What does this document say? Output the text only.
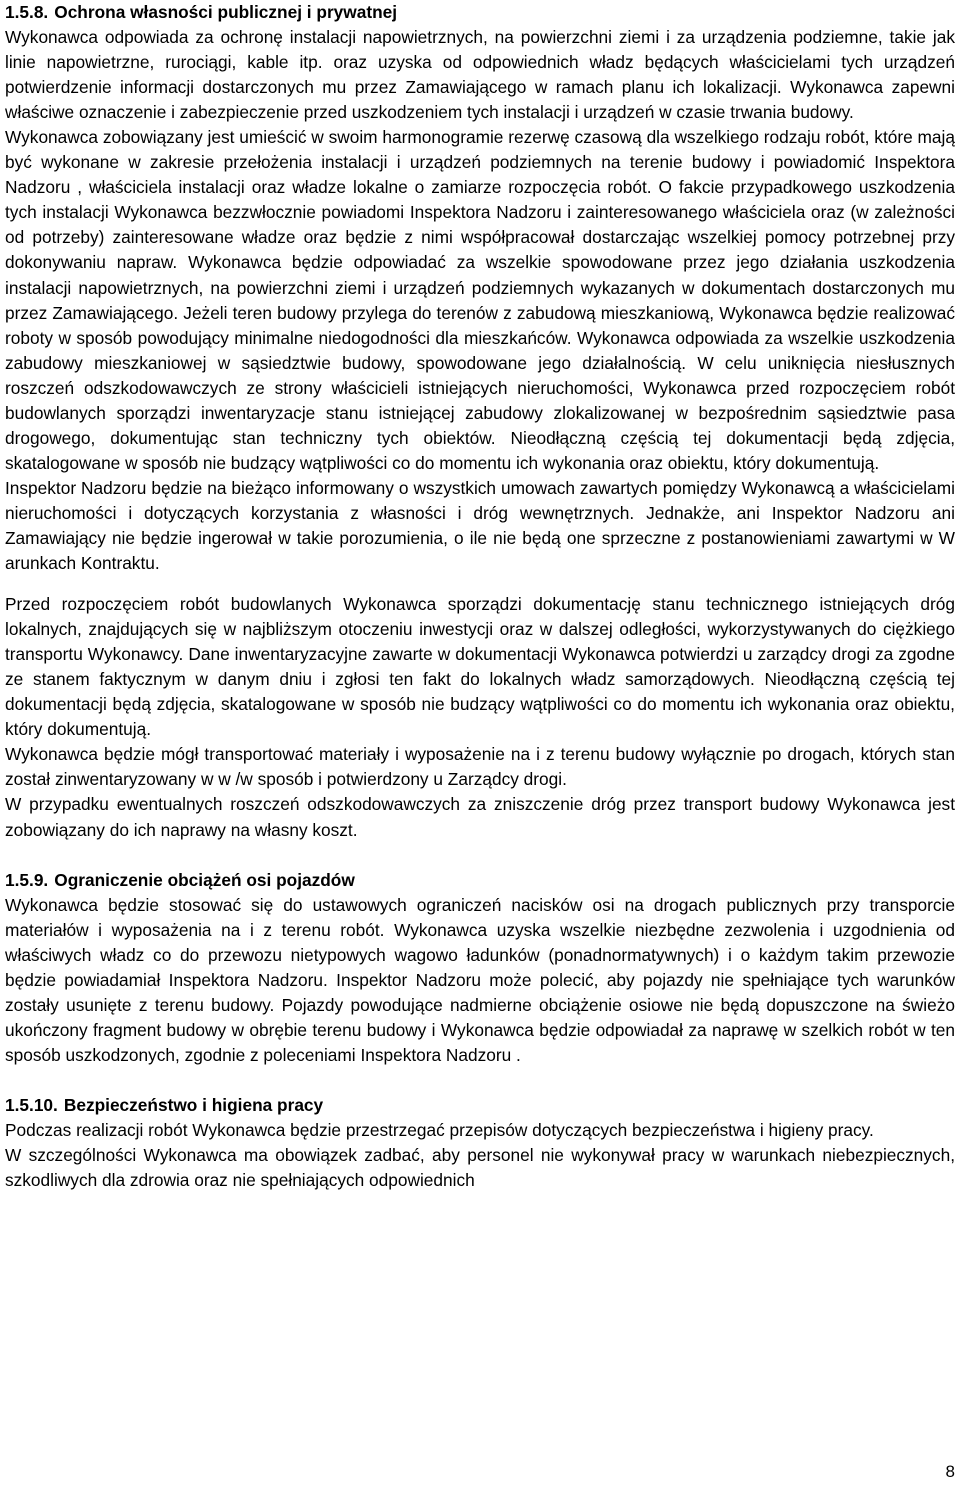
1.5.8. Ochrona własności publicznej i prywatnej

Wykonawca odpowiada za ochronę instalacji napowietrznych, na powierzchni ziemi i za urządzenia podziemne, takie jak linie napowietrzne, rurociągi, kable itp. oraz uzyska od odpowiednich władz będących właścicielami tych urządzeń potwierdzenie informacji dostarczonych mu przez Zamawiającego w ramach planu ich lokalizacji. Wykonawca zapewni właściwe oznaczenie i zabezpieczenie przed uszkodzeniem tych instalacji i urządzeń w czasie trwania budowy.

Wykonawca zobowiązany jest umieścić w swoim harmonogramie rezerwę czasową dla wszelkiego rodzaju robót, które mają być wykonane w zakresie przełożenia instalacji i urządzeń podziemnych na terenie budowy i powiadomić Inspektora Nadzoru , właściciela instalacji oraz władze lokalne o zamiarze rozpoczęcia robót. O fakcie przypadkowego uszkodzenia tych instalacji Wykonawca bezzwłocznie powiadomi Inspektora Nadzoru i zainteresowanego właściciela oraz (w zależności od potrzeby) zainteresowane władze oraz będzie z nimi współpracował dostarczając wszelkiej pomocy potrzebnej przy dokonywaniu napraw. Wykonawca będzie odpowiadać za wszelkie spowodowane przez jego działania uszkodzenia instalacji napowietrznych, na powierzchni ziemi i urządzeń podziemnych wykazanych w dokumentach dostarczonych mu przez Zamawiającego. Jeżeli teren budowy przylega do terenów z zabudową mieszkaniową, Wykonawca będzie realizować roboty w sposób powodujący minimalne niedogodności dla mieszkańców. Wykonawca odpowiada za wszelkie uszkodzenia zabudowy mieszkaniowej w sąsiedztwie budowy, spowodowane jego działalnością. W celu uniknięcia niesłusznych roszczeń odszkodowawczych ze strony właścicieli istniejących nieruchomości, Wykonawca przed rozpoczęciem robót budowlanych sporządzi inwentaryzacje stanu istniejącej zabudowy zlokalizowanej w bezpośrednim sąsiedztwie pasa drogowego, dokumentując stan techniczny tych obiektów. Nieodłączną częścią tej dokumentacji będą zdjęcia, skatalogowane w sposób nie budzący wątpliwości co do momentu ich wykonania oraz obiektu, który dokumentują.

Inspektor Nadzoru będzie na bieżąco informowany o wszystkich umowach zawartych pomiędzy Wykonawcą a właścicielami nieruchomości i dotyczących korzystania z własności i dróg wewnętrznych. Jednakże, ani Inspektor Nadzoru ani Zamawiający nie będzie ingerował w takie porozumienia, o ile nie będą one sprzeczne z postanowieniami zawartymi w W arunkach Kontraktu.

Przed rozpoczęciem robót budowlanych Wykonawca sporządzi dokumentację stanu technicznego istniejących dróg lokalnych, znajdujących się w najbliższym otoczeniu inwestycji oraz w dalszej odległości, wykorzystywanych do ciężkiego transportu Wykonawcy. Dane inwentaryzacyjne zawarte w dokumentacji Wykonawca potwierdzi u zarządcy drogi za zgodne ze stanem faktycznym w danym dniu i zgłosi ten fakt do lokalnych władz samorządowych. Nieodłączną częścią tej dokumentacji będą zdjęcia, skatalogowane w sposób nie budzący wątpliwości co do momentu ich wykonania oraz obiektu, który dokumentują.

Wykonawca będzie mógł transportować materiały i wyposażenie na i z terenu budowy wyłącznie po drogach, których stan został zinwentaryzowany w w /w sposób i potwierdzony u Zarządcy drogi.

W przypadku ewentualnych roszczeń odszkodowawczych za zniszczenie dróg przez transport budowy Wykonawca jest zobowiązany do ich naprawy na własny koszt.

1.5.9. Ograniczenie obciążeń osi pojazdów

Wykonawca będzie stosować się do ustawowych ograniczeń nacisków osi na drogach publicznych przy transporcie materiałów i wyposażenia na i z terenu robót. Wykonawca uzyska wszelkie niezbędne zezwolenia i uzgodnienia od właściwych władz co do przewozu nietypowych wagowo ładunków (ponadnormatywnych) i o każdym takim przewozie będzie powiadamiał Inspektora Nadzoru. Inspektor Nadzoru może polecić, aby pojazdy nie spełniające tych warunków zostały usunięte z terenu budowy. Pojazdy powodujące nadmierne obciążenie osiowe nie będą dopuszczone na świeżo ukończony fragment budowy w obrębie terenu budowy i Wykonawca będzie odpowiadał za naprawę w szelkich robót w ten sposób uszkodzonych, zgodnie z poleceniami Inspektora Nadzoru .

1.5.10. Bezpieczeństwo i higiena pracy

Podczas realizacji robót Wykonawca będzie przestrzegać przepisów dotyczących bezpieczeństwa i higieny pracy.

W szczególności Wykonawca ma obowiązek zadbać, aby personel nie wykonywał pracy w warunkach niebezpiecznych, szkodliwych dla zdrowia oraz nie spełniających odpowiednich

8
